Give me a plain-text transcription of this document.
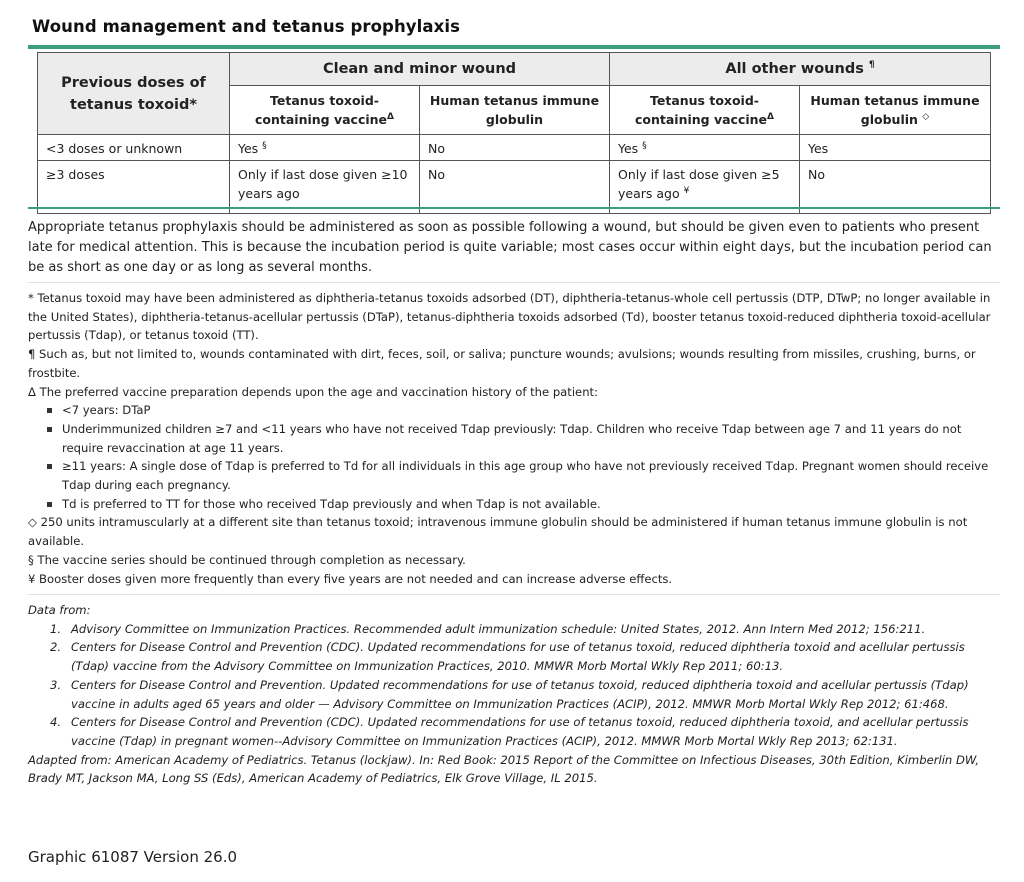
Wound management and tetanus prophylaxis
Previous doses of tetanus toxoid*	Clean and minor wound		All other wounds ¶
	Tetanus toxoid-containing vaccine$^\Delta$	Human tetanus immune globulin	Tetanus toxoid-containing vaccine$^\Delta$	Human tetanus immune globulin ◇
<3 doses or unknown	Yes §	No	Yes §	Yes
≥3 doses	Only if last dose given ≥10 years ago	No	Only if last dose given ≥5 years ago ¥	No
Appropriate tetanus prophylaxis should be administered as soon as possible following a wound, but should be given even to patients who present late for medical attention. This is because the incubation period is quite variable; most cases occur within eight days, but the incubation period can be as short as one day or as long as several months.

* Tetanus toxoid may have been administered as diphtheria-tetanus toxoids adsorbed (DT), diphtheria-tetanus-whole cell pertussis (DTP, DTwP; no longer available in the United States), diphtheria-tetanus-acellular pertussis (DTaP), tetanus-diphtheria toxoids adsorbed (Td), booster tetanus toxoid-reduced diphtheria toxoid-acellular pertussis (Tdap), or tetanus toxoid (TT).

¶ Such as, but not limited to, wounds contaminated with dirt, feces, soil, or saliva; puncture wounds; avulsions; wounds resulting from missiles, crushing, burns, or frostbite.

Δ The preferred vaccine preparation depends upon the age and vaccination history of the patient:

<7 years: DTaP
Underimmunized children ≥7 and <11 years who have not received Tdap previously: Tdap. Children who receive Tdap between age 7 and 11 years do not require revaccination at age 11 years.
≥11 years: A single dose of Tdap is preferred to Td for all individuals in this age group who have not previously received Tdap. Pregnant women should receive Tdap during each pregnancy.
Td is preferred to TT for those who received Tdap previously and when Tdap is not available.

◇ 250 units intramuscularly at a different site than tetanus toxoid; intravenous immune globulin should be administered if human tetanus immune globulin is not available.

§ The vaccine series should be continued through completion as necessary.

¥ Booster doses given more frequently than every five years are not needed and can increase adverse effects.

Data from:

1. Advisory Committee on Immunization Practices. Recommended adult immunization schedule: United States, 2012. Ann Intern Med 2012; 156:211.
2. Centers for Disease Control and Prevention (CDC). Updated recommendations for use of tetanus toxoid, reduced diphtheria toxoid and acellular pertussis (Tdap) vaccine from the Advisory Committee on Immunization Practices, 2010. MMWR Morb Mortal Wkly Rep 2011; 60:13.
3. Centers for Disease Control and Prevention. Updated recommendations for use of tetanus toxoid, reduced diphtheria toxoid and acellular pertussis (Tdap) vaccine in adults aged 65 years and older — Advisory Committee on Immunization Practices (ACIP), 2012. MMWR Morb Mortal Wkly Rep 2012; 61:468.
4. Centers for Disease Control and Prevention (CDC). Updated recommendations for use of tetanus toxoid, reduced diphtheria toxoid, and acellular pertussis vaccine (Tdap) in pregnant women--Advisory Committee on Immunization Practices (ACIP), 2012. MMWR Morb Mortal Wkly Rep 2013; 62:131.

Adapted from: American Academy of Pediatrics. Tetanus (lockjaw). In: Red Book: 2015 Report of the Committee on Infectious Diseases, 30th Edition, Kimberlin DW, Brady MT, Jackson MA, Long SS (Eds), American Academy of Pediatrics, Elk Grove Village, IL 2015.

Graphic 61087 Version 26.0
